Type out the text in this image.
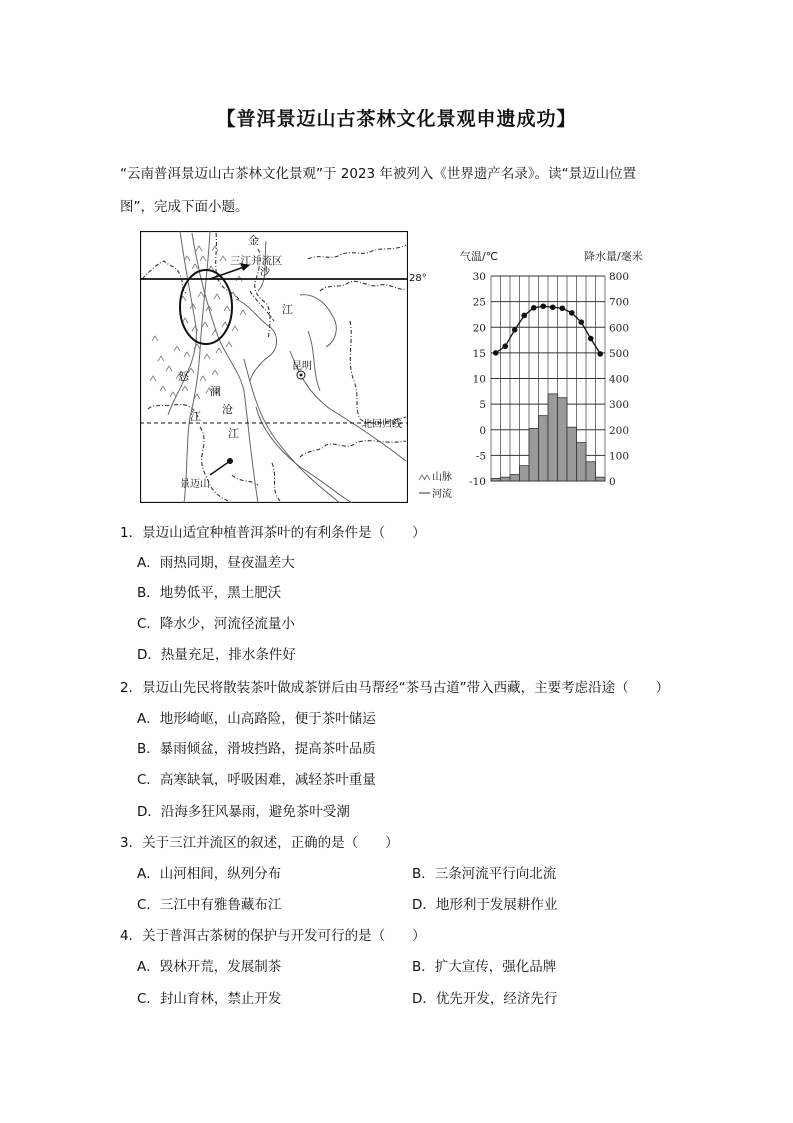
【普洱景迈山古茶林文化景观申遗成功】

“云南普洱景迈山古茶林文化景观”于 2023 年被列入《世界遗产名录》。读“景迈山位置

图”，完成下面小题。

金
三江并流区
沙
江
昆明
怒
澜
沧
江
江
北回归线
景迈山
28°
山脉
河流
气温/℃	降水量/毫米
30
25
20
15
10
5
0
-5
-10
800
700
600
500
400
300
200
100
0
1．景迈山适宜种植普洱茶叶的有利条件是（　　）
A．雨热同期，昼夜温差大
B．地势低平，黑土肥沃
C．降水少，河流径流量小
D．热量充足，排水条件好
2．景迈山先民将散装茶叶做成茶饼后由马帮经“茶马古道”带入西藏，主要考虑沿途（　　）
A．地形崎岖，山高路险，便于茶叶储运
B．暴雨倾盆，滑坡挡路，提高茶叶品质
C．高寒缺氧，呼吸困难，减轻茶叶重量
D．沿海多狂风暴雨，避免茶叶受潮
3．关于三江并流区的叙述，正确的是（　　）
A．山河相间，纵列分布	B．三条河流平行向北流
C．三江中有雅鲁藏布江	D．地形利于发展耕作业
4．关于普洱古茶树的保护与开发可行的是（　　）
A．毁林开荒，发展制茶	B．扩大宣传，强化品牌
C．封山育林，禁止开发	D．优先开发，经济先行
